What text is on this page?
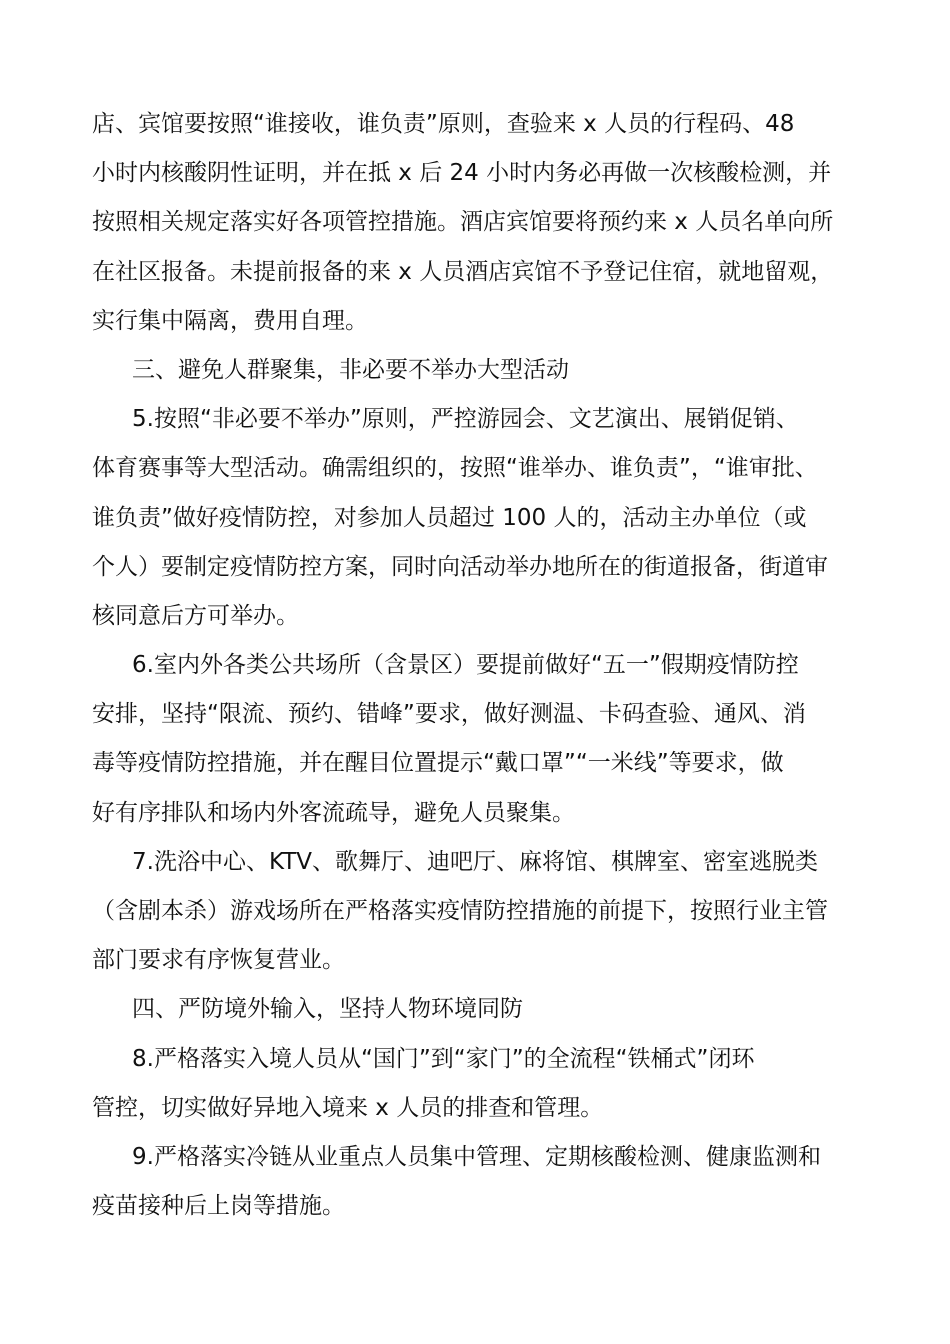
店、宾馆要按照“谁接收，谁负责”原则，查验来 x 人员的行程码、48
小时内核酸阴性证明，并在抵 x 后 24 小时内务必再做一次核酸检测，并
按照相关规定落实好各项管控措施。酒店宾馆要将预约来 x 人员名单向所
在社区报备。未提前报备的来 x 人员酒店宾馆不予登记住宿，就地留观，
实行集中隔离，费用自理。
三、避免人群聚集，非必要不举办大型活动
5.按照“非必要不举办”原则，严控游园会、文艺演出、展销促销、
体育赛事等大型活动。确需组织的，按照“谁举办、谁负责”，“谁审批、
谁负责”做好疫情防控，对参加人员超过 100 人的，活动主办单位（或
个人）要制定疫情防控方案，同时向活动举办地所在的街道报备，街道审
核同意后方可举办。
6.室内外各类公共场所（含景区）要提前做好“五一”假期疫情防控
安排，坚持“限流、预约、错峰”要求，做好测温、卡码查验、通风、消
毒等疫情防控措施，并在醒目位置提示“戴口罩”“一米线”等要求，做
好有序排队和场内外客流疏导，避免人员聚集。
7.洗浴中心、KTV、歌舞厅、迪吧厅、麻将馆、棋牌室、密室逃脱类
（含剧本杀）游戏场所在严格落实疫情防控措施的前提下，按照行业主管
部门要求有序恢复营业。
四、严防境外输入，坚持人物环境同防
8.严格落实入境人员从“国门”到“家门”的全流程“铁桶式”闭环
管控，切实做好异地入境来 x 人员的排查和管理。
9.严格落实冷链从业重点人员集中管理、定期核酸检测、健康监测和
疫苗接种后上岗等措施。
